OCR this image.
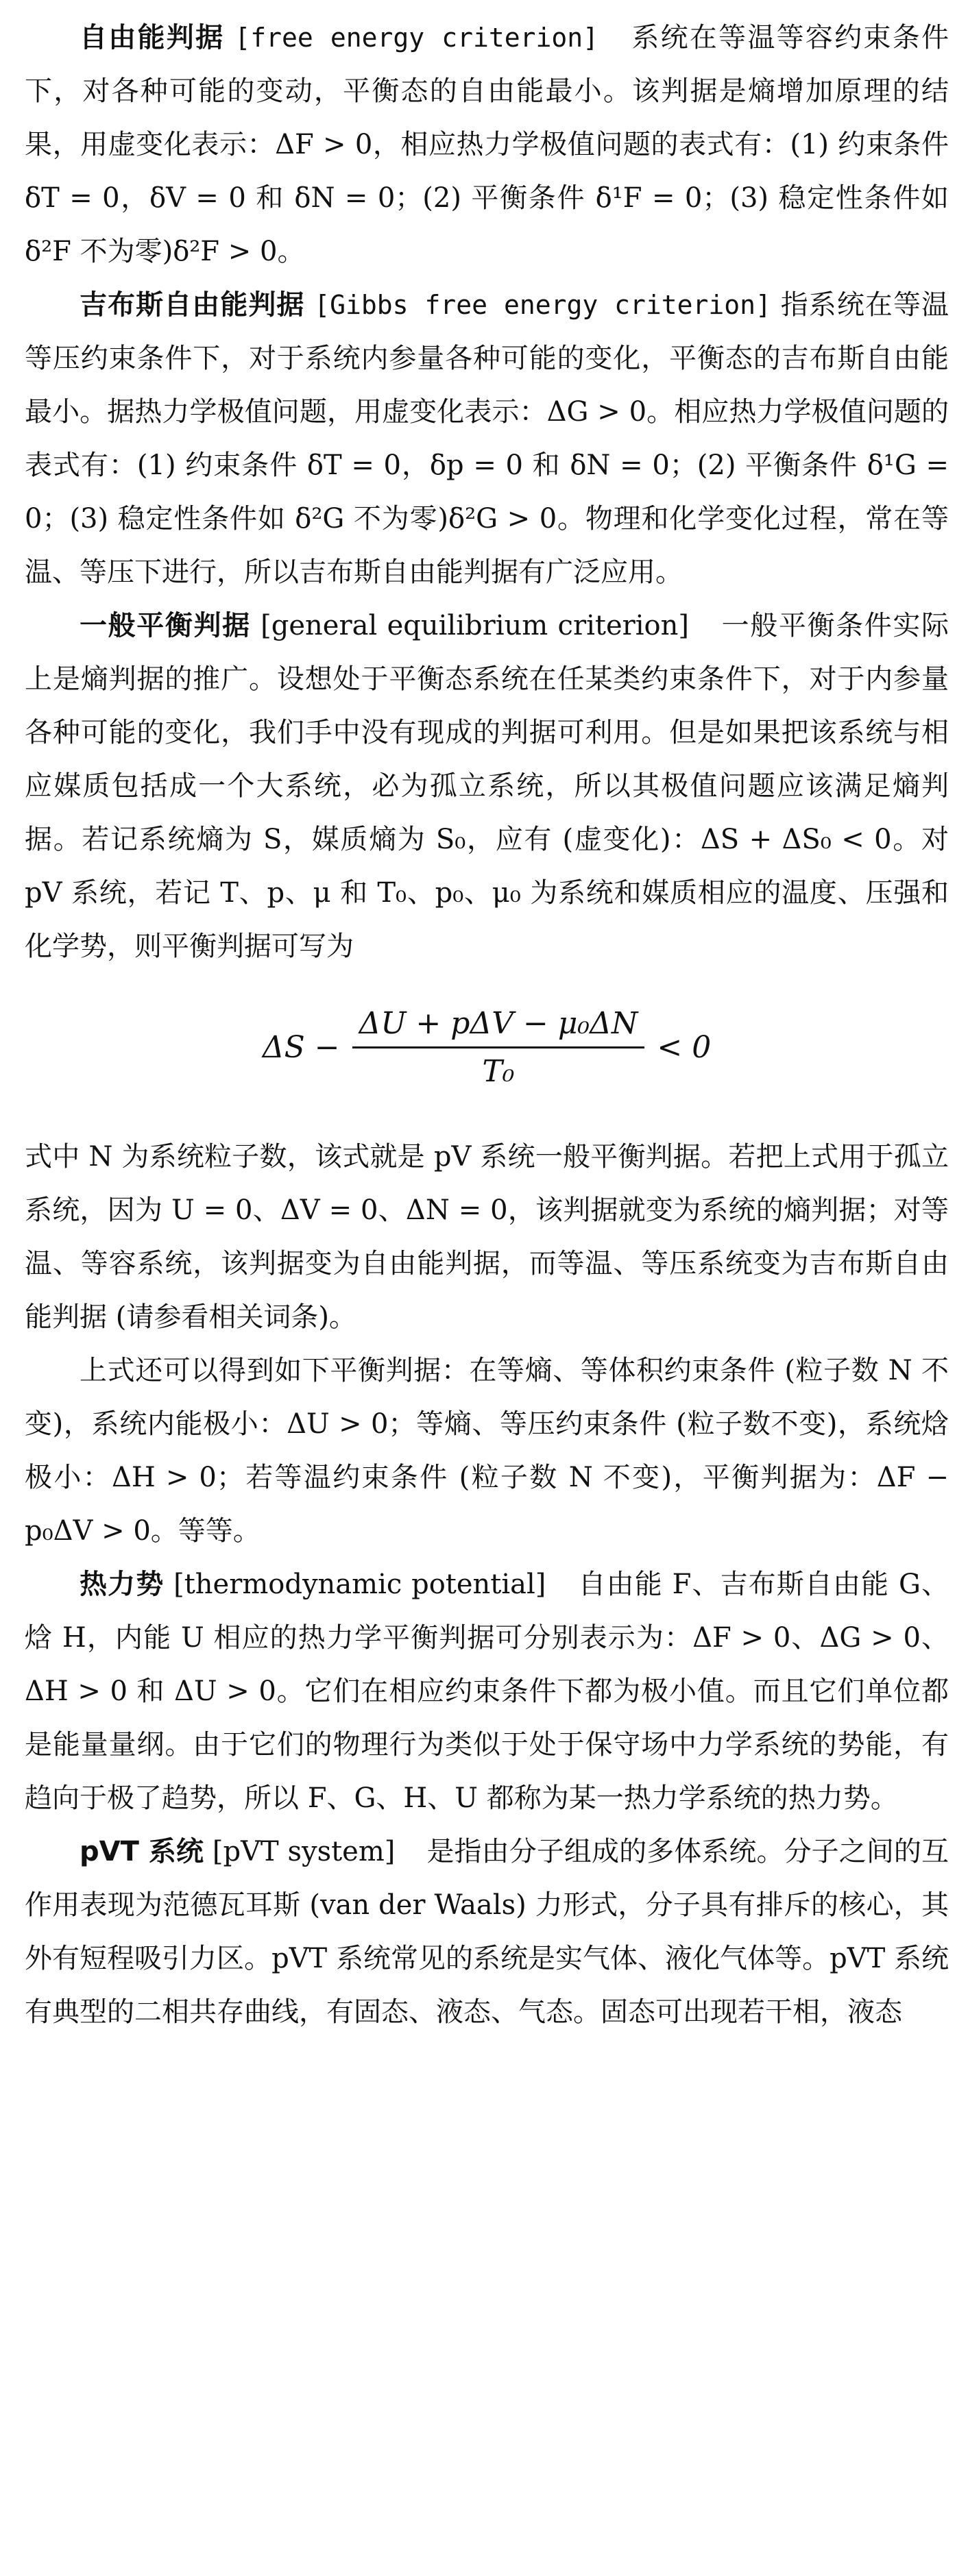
自由能判据 [free energy criterion] 系统在等温等容约束条件下，对各种可能的变动，平衡态的自由能最小。该判据是熵增加原理的结果，用虚变化表示：ΔF > 0，相应热力学极值问题的表式有：(1) 约束条件 δT = 0，δV = 0 和 δN = 0；(2) 平衡条件 δ¹F = 0；(3) 稳定性条件如 δ²F 不为零)δ²F > 0。

吉布斯自由能判据 [Gibbs free energy criterion] 指系统在等温等压约束条件下，对于系统内参量各种可能的变化，平衡态的吉布斯自由能最小。据热力学极值问题，用虚变化表示：ΔG > 0。相应热力学极值问题的表式有：(1) 约束条件 δT = 0，δp = 0 和 δN = 0；(2) 平衡条件 δ¹G = 0；(3) 稳定性条件如 δ²G 不为零)δ²G > 0。物理和化学变化过程，常在等温、等压下进行，所以吉布斯自由能判据有广泛应用。

一般平衡判据 [general equilibrium criterion] 一般平衡条件实际上是熵判据的推广。设想处于平衡态系统在任某类约束条件下，对于内参量各种可能的变化，我们手中没有现成的判据可利用。但是如果把该系统与相应媒质包括成一个大系统，必为孤立系统，所以其极值问题应该满足熵判据。若记系统熵为 S，媒质熵为 S₀，应有 (虚变化)：ΔS + ΔS₀ < 0。对 pV 系统，若记 T、p、μ 和 T₀、p₀、μ₀ 为系统和媒质相应的温度、压强和化学势，则平衡判据可写为

$\Delta S - \frac{\text{ΔU + pΔV − μ₀ΔN}}{\text{T₀}} < 0$

式中 N 为系统粒子数，该式就是 pV 系统一般平衡判据。若把上式用于孤立系统，因为 U = 0、ΔV = 0、ΔN = 0，该判据就变为系统的熵判据；对等温、等容系统，该判据变为自由能判据，而等温、等压系统变为吉布斯自由能判据 (请参看相关词条)。

上式还可以得到如下平衡判据：在等熵、等体积约束条件 (粒子数 N 不变)，系统内能极小：ΔU > 0；等熵、等压约束条件 (粒子数不变)，系统焓极小：ΔH > 0；若等温约束条件 (粒子数 N 不变)，平衡判据为：ΔF − p₀ΔV > 0。等等。

热力势 [thermodynamic potential] 自由能 F、吉布斯自由能 G、焓 H，内能 U 相应的热力学平衡判据可分别表示为：ΔF > 0、ΔG > 0、ΔH > 0 和 ΔU > 0。它们在相应约束条件下都为极小值。而且它们单位都是能量量纲。由于它们的物理行为类似于处于保守场中力学系统的势能，有趋向于极了趋势，所以 F、G、H、U 都称为某一热力学系统的热力势。

pVT 系统 [pVT system] 是指由分子组成的多体系统。分子之间的互作用表现为范德瓦耳斯 (van der Waals) 力形式，分子具有排斥的核心，其外有短程吸引力区。pVT 系统常见的系统是实气体、液化气体等。pVT 系统有典型的二相共存曲线，有固态、液态、气态。固态可出现若干相，液态
